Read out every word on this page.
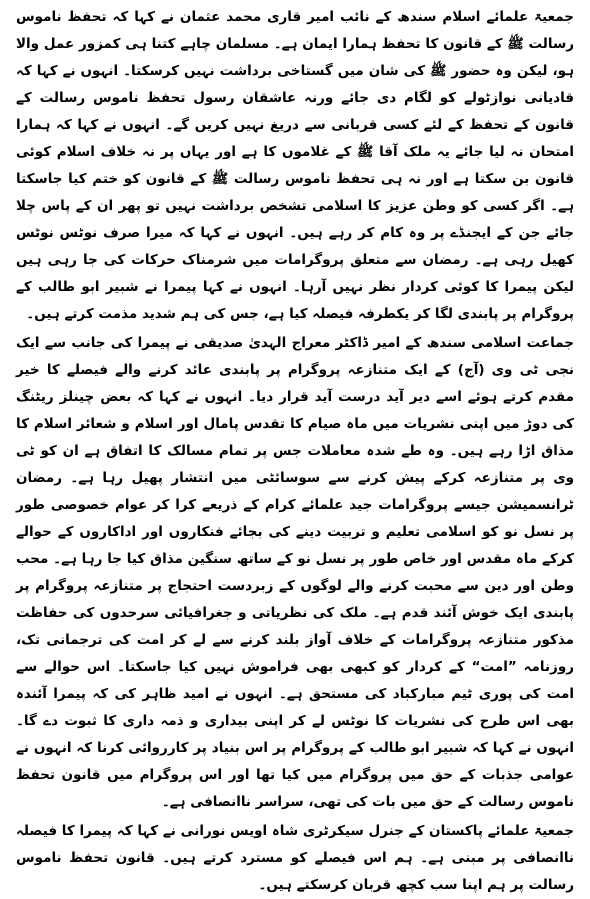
جمعیۃ علمائے اسلام سندھ کے نائب امیر قاری محمد عثمان نے کہا کہ تحفظ ناموس رسالت ﷺ کے قانون کا تحفظ ہمارا ایمان ہے۔ مسلمان چاہے کتنا ہی کمزور عمل والا ہو، لیکن وہ حضور ﷺ کی شان میں گستاخی برداشت نہیں کرسکتا۔ انہوں نے کہا کہ قادیانی نوازٹولے کو لگام دی جائے ورنہ عاشقان رسول تحفظ ناموس رسالت کے قانون کے تحفظ کے لئے کسی قربانی سے دریغ نہیں کریں گے۔ انہوں نے کہا کہ ہمارا امتحان نہ لیا جائے یہ ملک آقا ﷺ کے غلاموں کا ہے اور یہاں پر نہ خلاف اسلام کوئی قانون بن سکتا ہے اور نہ ہی تحفظ ناموس رسالت ﷺ کے قانون کو ختم کیا جاسکتا ہے۔ اگر کسی کو وطن عزیز کا اسلامی تشخص برداشت نہیں تو پھر ان کے پاس چلا جائے جن کے ایجنڈے پر وہ کام کر رہے ہیں۔ انہوں نے کہا کہ میرا صرف نوٹس نوٹس کھیل رہی ہے۔ رمضان سے متعلق پروگرامات میں شرمناک حرکات کی جا رہی ہیں لیکن پیمرا کا کوئی کردار نظر نہیں آرہا۔ انہوں نے کہا پیمرا نے شبیر ابو طالب کے پروگرام پر پابندی لگا کر یکطرفہ فیصلہ کیا ہے، جس کی ہم شدید مذمت کرتے ہیں۔

جماعت اسلامی سندھ کے امیر ڈاکٹر معراج الہدیٰ صدیقی نے پیمرا کی جانب سے ایک نجی ٹی وی (آج) کے ایک متنازعہ پروگرام پر پابندی عائد کرنے والے فیصلے کا خیر مقدم کرتے ہوئے اسے دیر آید درست آید قرار دیا۔ انہوں نے کہا کہ بعض چینلز ریٹنگ کی دوڑ میں اپنی نشریات میں ماہ صیام کا تقدس پامال اور اسلام و شعائر اسلام کا مذاق اڑا رہے ہیں۔ وہ طے شدہ معاملات جس پر تمام مسالک کا اتفاق ہے ان کو ٹی وی پر متنازعہ کرکے پیش کرنے سے سوسائٹی میں انتشار پھیل رہا ہے۔ رمضان ٹرانسمیشن جیسے پروگرامات جید علمائے کرام کے ذریعے کرا کر عوام خصوصی طور پر نسل نو کو اسلامی تعلیم و تربیت دینے کی بجائے فنکاروں اور اداکاروں کے حوالے کرکے ماہ مقدس اور خاص طور پر نسل نو کے ساتھ سنگین مذاق کیا جا رہا ہے۔ محب وطن اور دین سے محبت کرنے والے لوگوں کے زبردست احتجاج پر متنازعہ پروگرام پر پابندی ایک خوش آئند قدم ہے۔ ملک کی نظریاتی و جغرافیائی سرحدوں کی حفاظت مذکور متنازعہ پروگرامات کے خلاف آواز بلند کرنے سے لے کر امت کی ترجمانی تک، روزنامہ ”امت“ کے کردار کو کبھی بھی فراموش نہیں کیا جاسکتا۔ اس حوالے سے امت کی پوری ٹیم مبارکباد کی مستحق ہے۔ انہوں نے امید ظاہر کی کہ پیمرا آئندہ بھی اس طرح کی نشریات کا نوٹس لے کر اپنی بیداری و ذمہ داری کا ثبوت دے گا۔ انہوں نے کہا کہ شبیر ابو طالب کے پروگرام پر اس بنیاد پر کارروائی کرنا کہ انہوں نے عوامی جذبات کے حق میں پروگرام میں کیا تھا اور اس پروگرام میں قانون تحفظ ناموس رسالت کے حق میں بات کی تھی، سراسر ناانصافی ہے۔

جمعیۃ علمائے پاکستان کے جنرل سیکرٹری شاہ اویس نورانی نے کہا کہ پیمرا کا فیصلہ ناانصافی پر مبنی ہے۔ ہم اس فیصلے کو مسترد کرتے ہیں۔ قانون تحفظ ناموس رسالت پر ہم اپنا سب کچھ قربان کرسکتے ہیں۔
